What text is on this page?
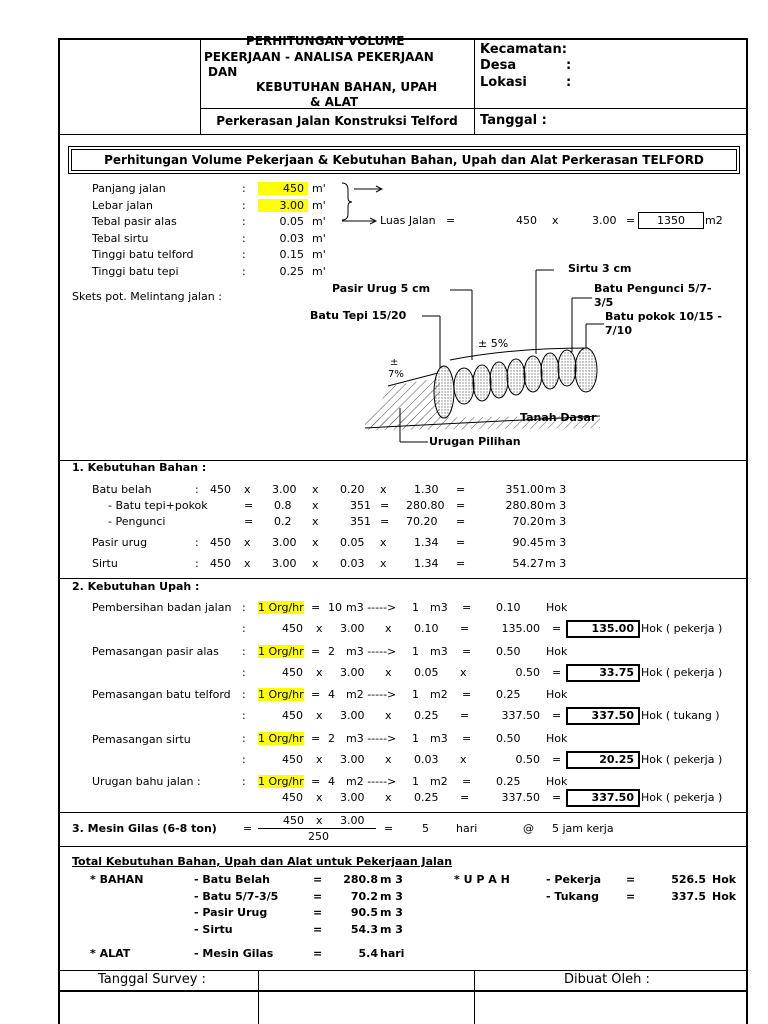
PERHITUNGAN VOLUME
PEKERJAAN - ANALISA PEKERJAAN
DAN
KEBUTUHAN BAHAN, UPAH
& ALAT
Perkerasan Jalan Konstruksi Telford
Kecamatan:
Desa	:
Lokasi	:
Tanggal :
Perhitungan Volume Pekerjaan & Kebutuhan Bahan, Upah dan Alat Perkerasan TELFORD
Panjang jalan	:	450 m'
Lebar jalan	:	3.00 m'
Tebal pasir alas	:	0.05 m'
Tebal sirtu	:	0.03 m'
Tinggi batu telford	:	0.15 m'
Tinggi batu tepi	:	0.25 m'
Luas Jalan =	450 x	3.00 =	1350	m2
Skets pot. Melintang jalan :
Sirtu 3 cm
Pasir Urug 5 cm	Batu Pengunci 5/7-
3/5
Batu Tepi 15/20	Batu pokok 10/15 -
7/10
± 5%
±
7%
Tanah Dasar
Urugan Pilihan
1. Kebutuhan Bahan :
Batu belah	: 450 x 3.00 x 0.20 x 1.30 =	351.00 m 3
- Batu tepi+pokok	= 0.8 x	351 = 280.80 =	280.80 m 3
- Pengunci	= 0.2 x	351 = 70.20 =	70.20 m 3
Pasir urug	: 450 x 3.00 x 0.05 x 1.34 =	90.45 m 3
Sirtu	: 450 x 3.00 x 0.03 x 1.34 =	54.27 m 3
2. Kebutuhan Upah :
Pembersihan badan jalan : 1 Org/hr = 10 m3 -----> 1 m3 = 0.10 Hok
:	450 x 3.00 x 0.10 =	135.00 =	135.00 Hok ( pekerja )
Pemasangan pasir alas : 1 Org/hr = 2 m3 -----> 1 m3 = 0.50 Hok
:	450 x 3.00 x 0.05 x	0.50 =	33.75 Hok ( pekerja )
Pemasangan batu telford : 1 Org/hr = 4 m2 -----> 1 m2 = 0.25 Hok
:	450 x 3.00 x 0.25 =	337.50 =	337.50 Hok ( tukang )
Pemasangan sirtu	: 1 Org/hr = 2 m3 -----> 1 m3 = 0.50 Hok
:	450 x 3.00 x 0.03 x	0.50 =	20.25 Hok ( pekerja )
Urugan bahu jalan :	: 1 Org/hr = 4 m2 -----> 1 m2 = 0.25 Hok
450 x 3.00 x 0.25 =	337.50 =	337.50 Hok ( pekerja )
3. Mesin Gilas (6-8 ton) =
450 x 3.00
250
=	5 hari	@ 5 jam kerja
Total Kebutuhan Bahan, Upah dan Alat untuk Pekerjaan Jalan
* BAHAN	- Batu Belah	=	280.8 m 3
- Batu 5/7-3/5	=	70.2 m 3
- Pasir Urug	=	90.5 m 3
- Sirtu	=	54.3 m 3
* U P A H	- Pekerja =	526.5 Hok
- Tukang =	337.5 Hok
* ALAT	- Mesin Gilas	=	5.4 hari
Tanggal Survey :	Dibuat Oleh :
